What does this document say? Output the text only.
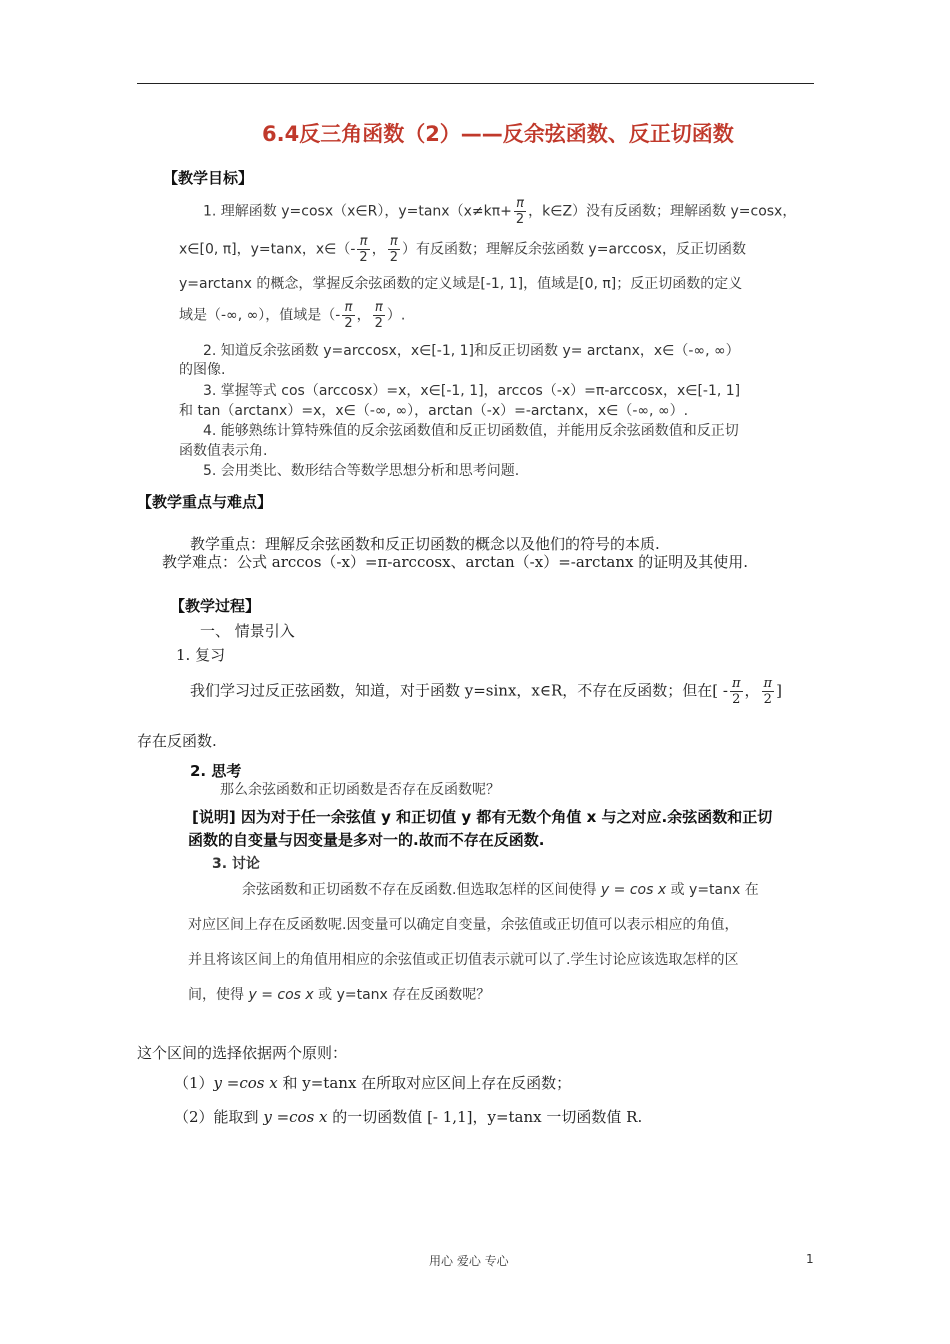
6.4反三角函数（2）——反余弦函数、反正切函数
【教学目标】
1. 理解函数 y=cosx（x∈R），$y=\tan x(x\ne k\pi+ \frac{\pi}{2}$ ，k∈Z）没有反函数；理解函数 y=cosx，
x∈[0, π]，y=tanx，x∈（- $\frac{\pi}{2}$ ， $\frac{\pi}{2}$ ）有反函数；理解反余弦函数 y=arccosx，反正切函数
y=arctanx 的概念，掌握反余弦函数的定义域是[-1, 1]，值域是[0, π]；反正切函数的定义
域是（-∞, ∞），值域是（- $\frac{\pi}{2}$ ， $\frac{\pi}{2}$ ）.
2. 知道反余弦函数 y=arccosx，x∈[-1, 1]和反正切函数 y= arctanx，x∈（-∞, ∞）
的图像.
3. 掌握等式 cos（arccosx）=x，x∈[-1, 1]，arccos（-x）=π-arccosx，x∈[-1, 1]
和 tan（arctanx）=x，x∈（-∞, ∞），arctan（-x）=-arctanx，x∈（-∞, ∞）.
4. 能够熟练计算特殊值的反余弦函数值和反正切函数值，并能用反余弦函数值和反正切
函数值表示角.
5. 会用类比、数形结合等数学思想分析和思考问题.
【教学重点与难点】
教学重点：理解反余弦函数和反正切函数的概念以及他们的符号的本质.
教学难点：公式 arccos（-x）=π-arccosx、arctan（-x）=-arctanx 的证明及其使用.
【教学过程】
一、 情景引入
1. 复习
我们学习过反正弦函数，知道，对于函数 y=sinx，x∈R，不存在反函数；但在[ - $\frac{\pi}{2}$ ， $\frac{\pi}{2}$ ]
存在反函数.
2. 思考
那么余弦函数和正切函数是否存在反函数呢？
[说明] 因为对于任一余弦值 y 和正切值 y 都有无数个角值 x 与之对应.余弦函数和正切
函数的自变量与因变量是多对一的.故而不存在反函数.
3. 讨论
余弦函数和正切函数不存在反函数.但选取怎样的区间使得 y = cos x 或 y=tanx 在
对应区间上存在反函数呢.因变量可以确定自变量，余弦值或正切值可以表示相应的角值，
并且将该区间上的角值用相应的余弦值或正切值表示就可以了.学生讨论应该选取怎样的区
间，使得 y = cos x 或 y=tanx 存在反函数呢？
这个区间的选择依据两个原则：
（1）y =cos x 和 y=tanx 在所取对应区间上存在反函数；
（2）能取到 y =cos x 的一切函数值 [- 1,1]，y=tanx 一切函数值 R.
用心 爱心 专心	1
